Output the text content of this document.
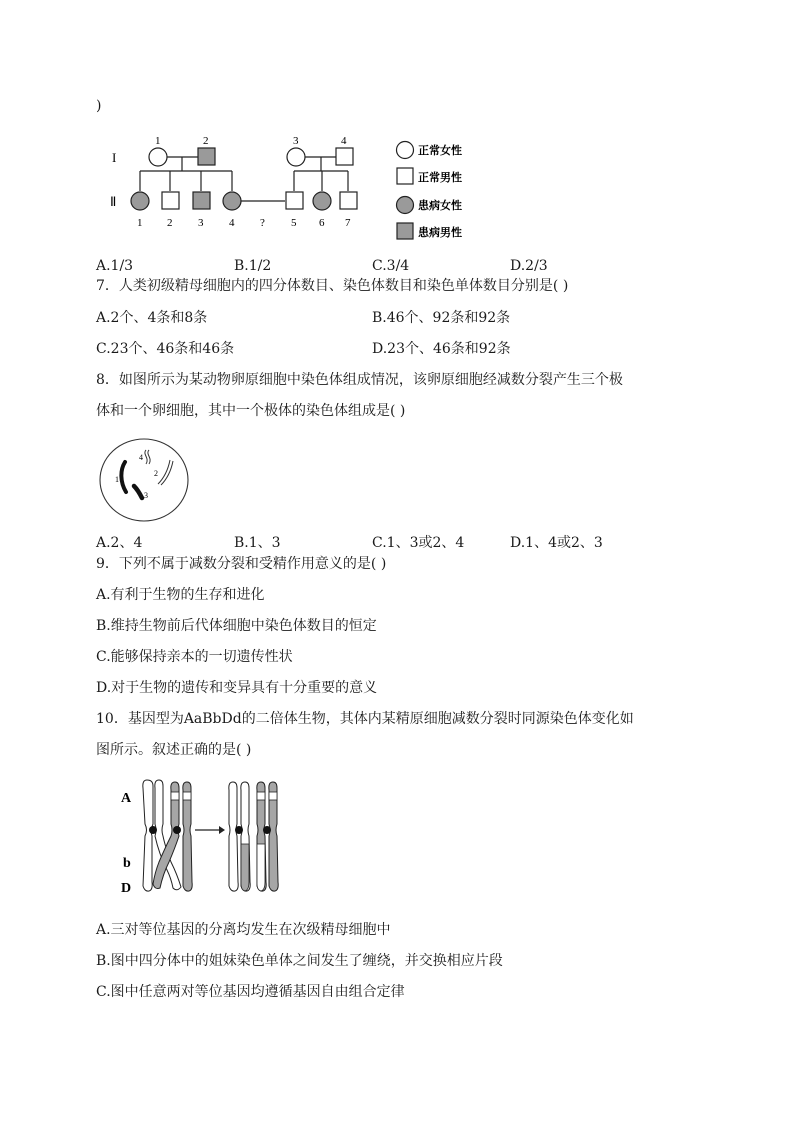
)
I
Ⅱ
1	2	3	4
1 2 3 4 ? 5 6 7
正常女性
正常男性
患病女性
患病男性
A.1/3	B.1/2	C.3/4	D.2/3
7．人类初级精母细胞内的四分体数目、染色体数目和染色单体数目分别是( )
A.2个、4条和8条	B.46个、92条和92条
C.23个、46条和46条	D.23个、46条和92条
8．如图所示为某动物卵原细胞中染色体组成情况，该卵原细胞经减数分裂产生三个极
体和一个卵细胞，其中一个极体的染色体组成是( )
1
2
3
4
A.2、4	B.1、3	C.1、3或2、4	D.1、4或2、3
9．下列不属于减数分裂和受精作用意义的是( )
A.有利于生物的生存和进化
B.维持生物前后代体细胞中染色体数目的恒定
C.能够保持亲本的一切遗传性状
D.对于生物的遗传和变异具有十分重要的意义
10．基因型为AaBbDd的二倍体生物，其体内某精原细胞减数分裂时同源染色体变化如
图所示。叙述正确的是( )
A
b
D
A.三对等位基因的分离均发生在次级精母细胞中
B.图中四分体中的姐妹染色单体之间发生了缠绕，并交换相应片段
C.图中任意两对等位基因均遵循基因自由组合定律
